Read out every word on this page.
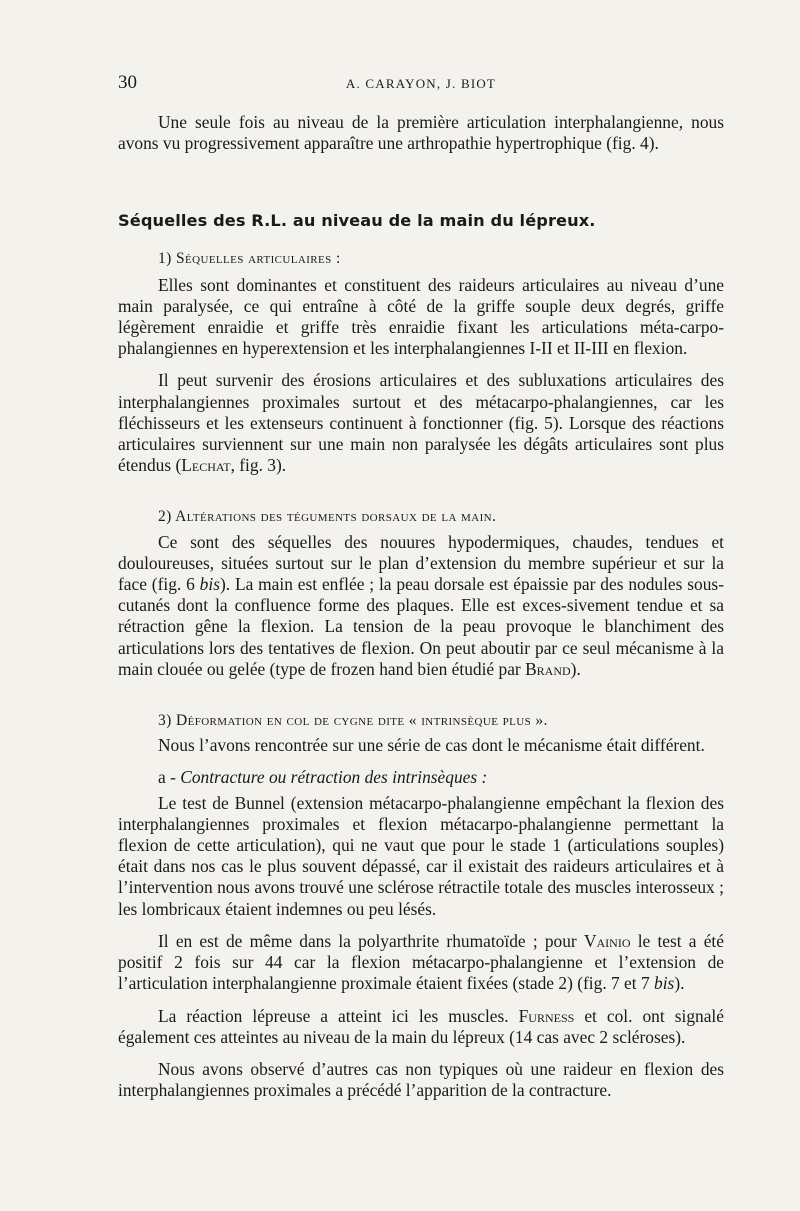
30	A. CARAYON, J. BIOT

Une seule fois au niveau de la première articulation interphalangienne, nous avons vu progressivement apparaître une arthropathie hypertrophique (fig. 4).

Séquelles des R.L. au niveau de la main du lépreux.

1) Séquelles articulaires :

Elles sont dominantes et constituent des raideurs articulaires au niveau d’une main paralysée, ce qui entraîne à côté de la griffe souple deux degrés, griffe légèrement enraidie et griffe très enraidie fixant les articulations méta-carpo-phalangiennes en hyperextension et les interphalangiennes I-II et II-III en flexion.

Il peut survenir des érosions articulaires et des subluxations articulaires des interphalangiennes proximales surtout et des métacarpo-phalangiennes, car les fléchisseurs et les extenseurs continuent à fonctionner (fig. 5). Lorsque des réactions articulaires surviennent sur une main non paralysée les dégâts articulaires sont plus étendus (Lechat, fig. 3).

2) Altérations des téguments dorsaux de la main.

Ce sont des séquelles des nouures hypodermiques, chaudes, tendues et douloureuses, situées surtout sur le plan d’extension du membre supérieur et sur la face (fig. 6 bis). La main est enflée ; la peau dorsale est épaissie par des nodules sous-cutanés dont la confluence forme des plaques. Elle est exces-sivement tendue et sa rétraction gêne la flexion. La tension de la peau provoque le blanchiment des articulations lors des tentatives de flexion. On peut aboutir par ce seul mécanisme à la main clouée ou gelée (type de frozen hand bien étudié par Brand).

3) Déformation en col de cygne dite « intrinsèque plus ».

Nous l’avons rencontrée sur une série de cas dont le mécanisme était différent.

a - Contracture ou rétraction des intrinsèques :

Le test de Bunnel (extension métacarpo-phalangienne empêchant la flexion des interphalangiennes proximales et flexion métacarpo-phalangienne permettant la flexion de cette articulation), qui ne vaut que pour le stade 1 (articulations souples) était dans nos cas le plus souvent dépassé, car il existait des raideurs articulaires et à l’intervention nous avons trouvé une sclérose rétractile totale des muscles interosseux ; les lombricaux étaient indemnes ou peu lésés.

Il en est de même dans la polyarthrite rhumatoïde ; pour Vainio le test a été positif 2 fois sur 44 car la flexion métacarpo-phalangienne et l’extension de l’articulation interphalangienne proximale étaient fixées (stade 2) (fig. 7 et 7 bis).

La réaction lépreuse a atteint ici les muscles. Furness et col. ont signalé également ces atteintes au niveau de la main du lépreux (14 cas avec 2 scléroses).

Nous avons observé d’autres cas non typiques où une raideur en flexion des interphalangiennes proximales a précédé l’apparition de la contracture.
